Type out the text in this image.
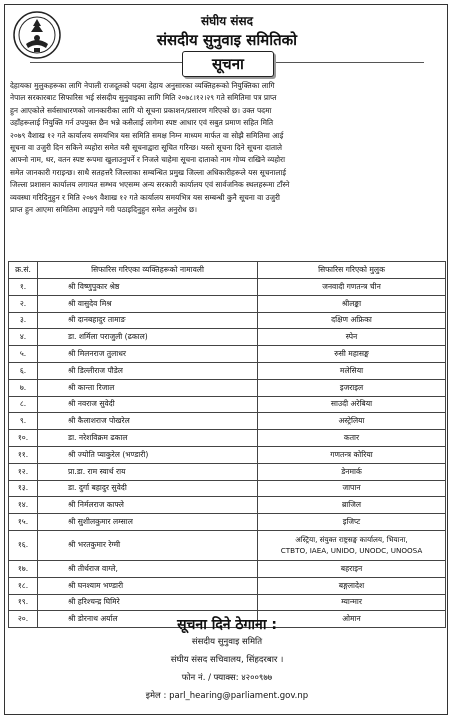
संघीय संसद
संसदीय सुनुवाइ समितिको
सूचना
देहायका मुलुकहरूका लागि नेपाली राजदूतको पदमा देहाय अनुसारका व्यक्तिहरूको नियुक्तिका लागि
नेपाल सरकारबाट सिफारिस भई संसदीय सुनुवाइका लागि मिति २०७८।१२।२९ गते समितिमा पत्र प्राप्त
हुन आएकोले सर्वसाधारणको जानकारीका लागि यो सूचना प्रकाशन/प्रसारण गरिएको छ। उक्त पदमा
उहाँहरूलाई नियुक्ति गर्न उपयुक्त छैन भन्ने कसैलाई लागेमा स्पष्ट आधार एवं सबुत प्रमाण सहित मिति
२०७९ वैशाख १२ गते कार्यालय समयभित्र यस समिति समक्ष निम्न माध्यम मार्फत वा सोझै समितिमा आई
सूचना वा उजुरी दिन सकिने व्यहोरा समेत यसै सूचनाद्वारा सूचित गरिन्छ। यस्तो सूचना दिने सूचना दाताले
आफ्नो नाम, थर, वतन स्पष्ट रूपमा खुलाउनुपर्ने र निजले चाहेमा सूचना दाताको नाम गोप्य राखिने व्यहोरा
समेत जानकारी गराइन्छ। साथै सतहत्तरै जिल्लाका सम्बन्धित प्रमुख जिल्ला अधिकारीहरूले यस सूचनालाई
जिल्ला प्रशासन कार्यालय लगायत सम्भव भएसम्म अन्य सरकारी कार्यालय एवं सार्वजनिक स्थलहरूमा टाँस्ने
व्यवस्था गरिदिनुहुन र मिति २०७९ वैशाख १२ गते कार्यालय समयभित्र यस सम्बन्धी कुनै सूचना वा उजुरी
प्राप्त हुन आएमा समितिमा आइपुग्ने गरी पठाइदिनुहुन समेत अनुरोध छ।
क्र.सं.	सिफारिस गरिएका व्यक्तिहरूको नामावली	सिफारिस गरिएको मुलुक
१.	श्री विष्णुपुकार श्रेष्ठ	जनवादी गणतन्त्र चीन
२.	श्री वासुदेव मिश्र	श्रीलङ्का
३.	श्री दानबहादुर तामाङ	दक्षिण अफ्रिका
४.	डा. शर्मिला पराजुली (ढकाल)	स्पेन
५.	श्री मिलनराज तुलाधर	रुसी महासङ्घ
६.	श्री डिल्लीराज पौडेल	मलेसिया
७.	श्री कान्ता रिजाल	इजराइल
८.	श्री नवराज सुवेदी	साउदी अरेबिया
९.	श्री कैलाशराज पोखरेल	अस्ट्रेलिया
१०.	डा. नरेशविक्रम ढकाल	कतार
११.	श्री ज्योति प्याकुरेल (भण्डारी)	गणतन्त्र कोरिया
१२.	प्रा.डा. राम स्वार्थ राय	डेनमार्क
१३.	डा. दुर्गा बहादुर सुवेदी	जापान
१४.	श्री निर्मलराज काफ्ले	ब्राजिल
१५.	श्री सुशीलकुमार लम्साल	इजिप्ट
१६.	श्री भरतकुमार रेग्मी	अस्ट्रिया, संयुक्त राष्ट्रसङ्घ कार्यालय, भियाना,
CTBTO, IAEA, UNIDO, UNODC, UNOOSA

१७.	श्री तीर्थराज वाग्ले,	बहराइन
१८.	श्री घनश्याम भण्डारी	बङ्गलादेश
१९.	श्री हरिश्चन्द्र घिमिरे	म्यान्मार
२०.	श्री डोरनाथ अर्याल	ओमान
सूचना दिने ठेगाना :
संसदीय सुनुवाइ समिति
संघीय संसद सचिवालय, सिंहदरबार ।
फोन नं. / फ्याक्स: ४२००९७७
इमेल : parl_hearing@parliament.gov.np
